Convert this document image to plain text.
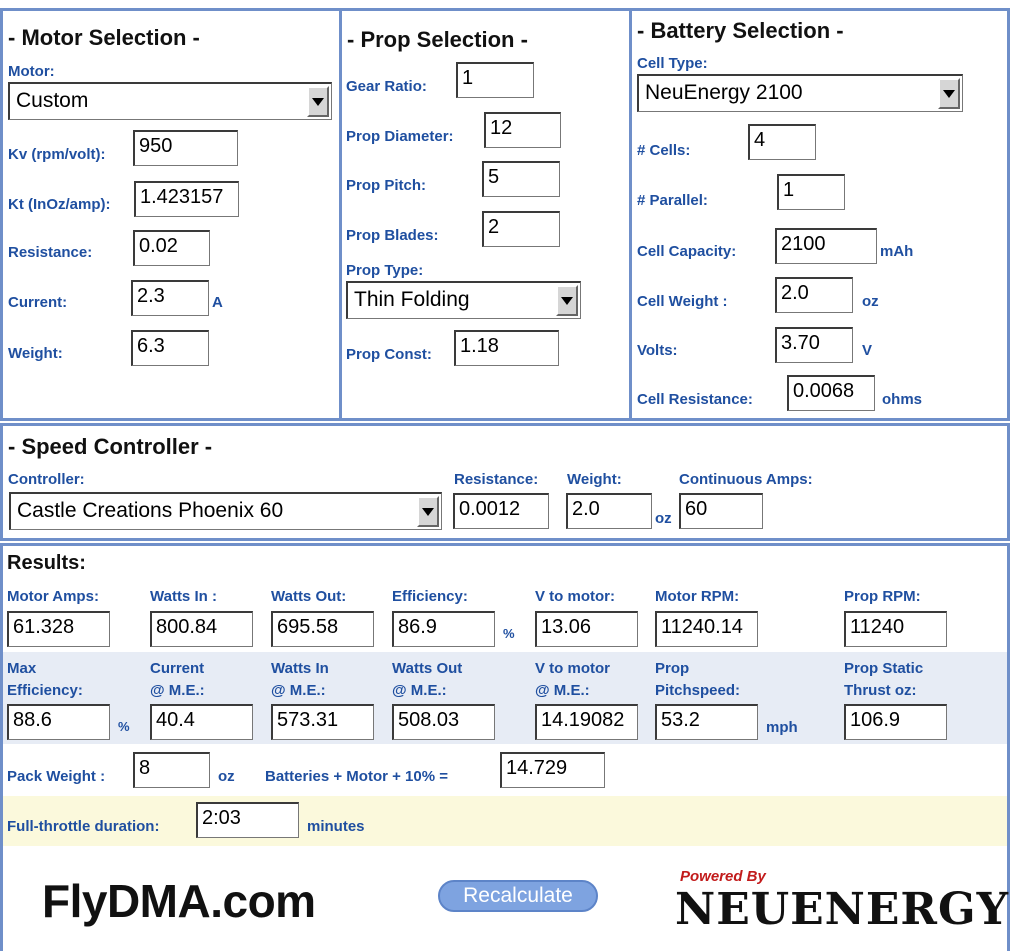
- Motor Selection -
Motor:
Custom
Kv (rpm/volt):	950
Kt (InOz/amp):	1.423157
Resistance:	0.02
Current:	2.3	A
Weight:	6.3
- Prop Selection -
Gear Ratio:	1
Prop Diameter:	12
Prop Pitch:	5
Prop Blades:	2
Prop Type:
Thin Folding
Prop Const:	1.18
- Battery Selection -
Cell Type:
NeuEnergy 2100
# Cells:	4
# Parallel:	1
Cell Capacity:	2100	mAh
Cell Weight :	2.0	oz
Volts:	3.70	V
Cell Resistance:	0.0068	ohms
- Speed Controller -
Controller:
Castle Creations Phoenix 60
Resistance:
0.0012
Weight:
2.0	oz
Continuous Amps:
60
Results:
Motor Amps:
61.328
Watts In :
800.84
Watts Out:
695.58
Efficiency:
86.9	%
V to motor:
13.06
Motor RPM:
11240.14
Prop RPM:
11240
Max
Efficiency:
88.6	%
Current
@ M.E.:
40.4
Watts In
@ M.E.:
573.31
Watts Out
@ M.E.:
508.03
V to motor
@ M.E.:
14.19082
Prop
Pitchspeed:
53.2	mph
Prop Static
Thrust oz:
106.9
Pack Weight :	8	oz Batteries + Motor + 10% =	14.729
Full-throttle duration:	2:03	minutes
FlyDMA.com	Recalculate
Powered By
NEUENERGY
